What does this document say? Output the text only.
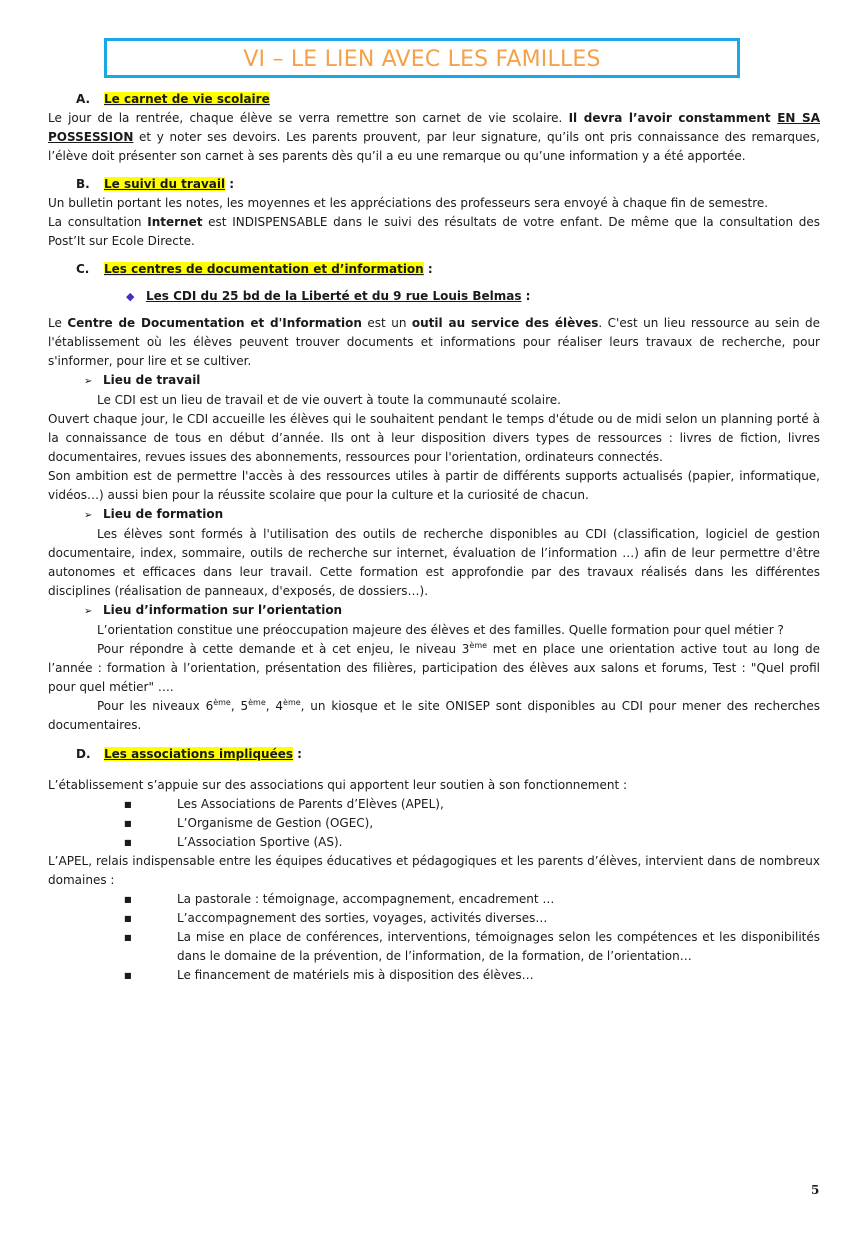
VI – LE LIEN AVEC LES FAMILLES
A. Le carnet de vie scolaire

Le jour de la rentrée, chaque élève se verra remettre son carnet de vie scolaire. Il devra l’avoir constamment EN SA POSSESSION et y noter ses devoirs. Les parents prouvent, par leur signature, qu’ils ont pris connaissance des remarques, l’élève doit présenter son carnet à ses parents dès qu’il a eu une remarque ou qu’une information y a été apportée.

B. Le suivi du travail :

Un bulletin portant les notes, les moyennes et les appréciations des professeurs sera envoyé à chaque fin de semestre.

La consultation Internet est INDISPENSABLE dans le suivi des résultats de votre enfant. De même que la consultation des Post’It sur Ecole Directe.

C. Les centres de documentation et d’information :
◆ Les CDI du 25 bd de la Liberté et du 9 rue Louis Belmas :

Le Centre de Documentation et d'Information est un outil au service des élèves. C'est un lieu ressource au sein de l'établissement où les élèves peuvent trouver documents et informations pour réaliser leurs travaux de recherche, pour s'informer, pour lire et se cultiver.

➢ Lieu de travail

Le CDI est un lieu de travail et de vie ouvert à toute la communauté scolaire.

Ouvert chaque jour, le CDI accueille les élèves qui le souhaitent pendant le temps d'étude ou de midi selon un planning porté à la connaissance de tous en début d’année. Ils ont à leur disposition divers types de ressources : livres de fiction, livres documentaires, revues issues des abonnements, ressources pour l'orientation, ordinateurs connectés.

Son ambition est de permettre l'accès à des ressources utiles à partir de différents supports actualisés (papier, informatique, vidéos…) aussi bien pour la réussite scolaire que pour la culture et la curiosité de chacun.

➢ Lieu de formation

Les élèves sont formés à l'utilisation des outils de recherche disponibles au CDI (classification, logiciel de gestion documentaire, index, sommaire, outils de recherche sur internet, évaluation de l’information …) afin de leur permettre d'être autonomes et efficaces dans leur travail. Cette formation est approfondie par des travaux réalisés dans les différentes disciplines (réalisation de panneaux, d'exposés, de dossiers…).

➢ Lieu d’information sur l’orientation

L’orientation constitue une préoccupation majeure des élèves et des familles. Quelle formation pour quel métier ?

Pour répondre à cette demande et à cet enjeu, le niveau 3ème met en place une orientation active tout au long de l’année : formation à l’orientation, présentation des filières, participation des élèves aux salons et forums, Test : "Quel profil pour quel métier" ….

Pour les niveaux 6ème, 5ème, 4ème, un kiosque et le site ONISEP sont disponibles au CDI pour mener des recherches documentaires.

D. Les associations impliquées :

L’établissement s’appuie sur des associations qui apportent leur soutien à son fonctionnement :

■	Les Associations de Parents d’Elèves (APEL),
■	L’Organisme de Gestion (OGEC),
■	L’Association Sportive (AS).

L’APEL, relais indispensable entre les équipes éducatives et pédagogiques et les parents d’élèves, intervient dans de nombreux domaines :

■	La pastorale : témoignage, accompagnement, encadrement …
■	L’accompagnement des sorties, voyages, activités diverses…
■	La mise en place de conférences, interventions, témoignages selon les compétences et les disponibilités dans le domaine de la prévention, de l’information, de la formation, de l’orientation…
■	Le financement de matériels mis à disposition des élèves…
5
